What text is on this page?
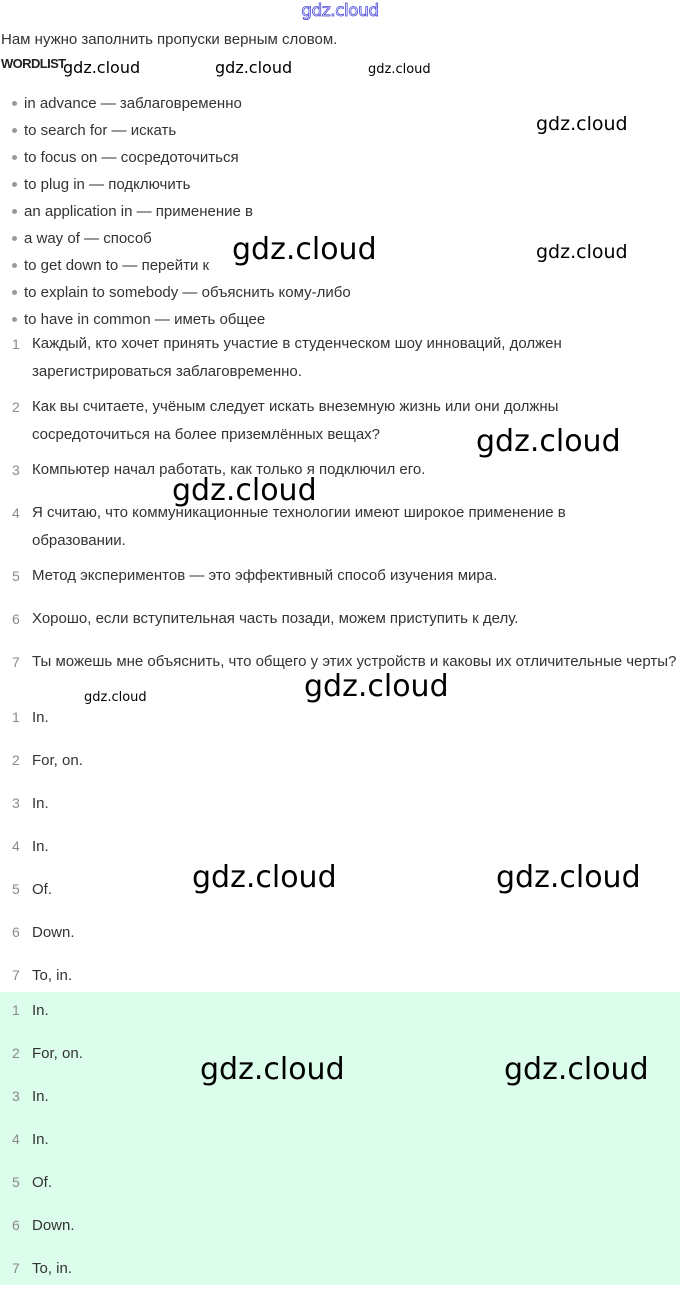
gdz.cloud
Нам нужно заполнить пропуски верным словом.
WORDLIST
in advance — заблаговременно
to search for — искать
to focus on — сосредоточиться
to plug in — подключить
an application in — применение в
a way of — способ
to get down to — перейти к
to explain to somebody — объяснить кому-либо
to have in common — иметь общее
1 Каждый, кто хочет принять участие в студенческом шоу инноваций, должен зарегистрироваться заблаговременно.
2 Как вы считаете, учёным следует искать внеземную жизнь или они должны сосредоточиться на более приземлённых вещах?
3 Компьютер начал работать, как только я подключил его.
4 Я считаю, что коммуникационные технологии имеют широкое применение в образовании.
5 Метод экспериментов — это эффективный способ изучения мира.
6 Хорошо, если вступительная часть позади, можем приступить к делу.
7 Ты можешь мне объяснить, что общего у этих устройств и каковы их отличительные черты?
1 In.
2 For, on.
3 In.
4 In.
5 Of.
6 Down.
7 To, in.
1 In.
2 For, on.
3 In.
4 In.
5 Of.
6 Down.
7 To, in.
gdz.cloud	gdz.cloud	gdz.cloud
gdz.cloud
gdz.cloud	gdz.cloud
gdz.cloud
gdz.cloud
gdz.cloud
gdz.cloud
gdz.cloud	gdz.cloud
gdz.cloud	gdz.cloud
